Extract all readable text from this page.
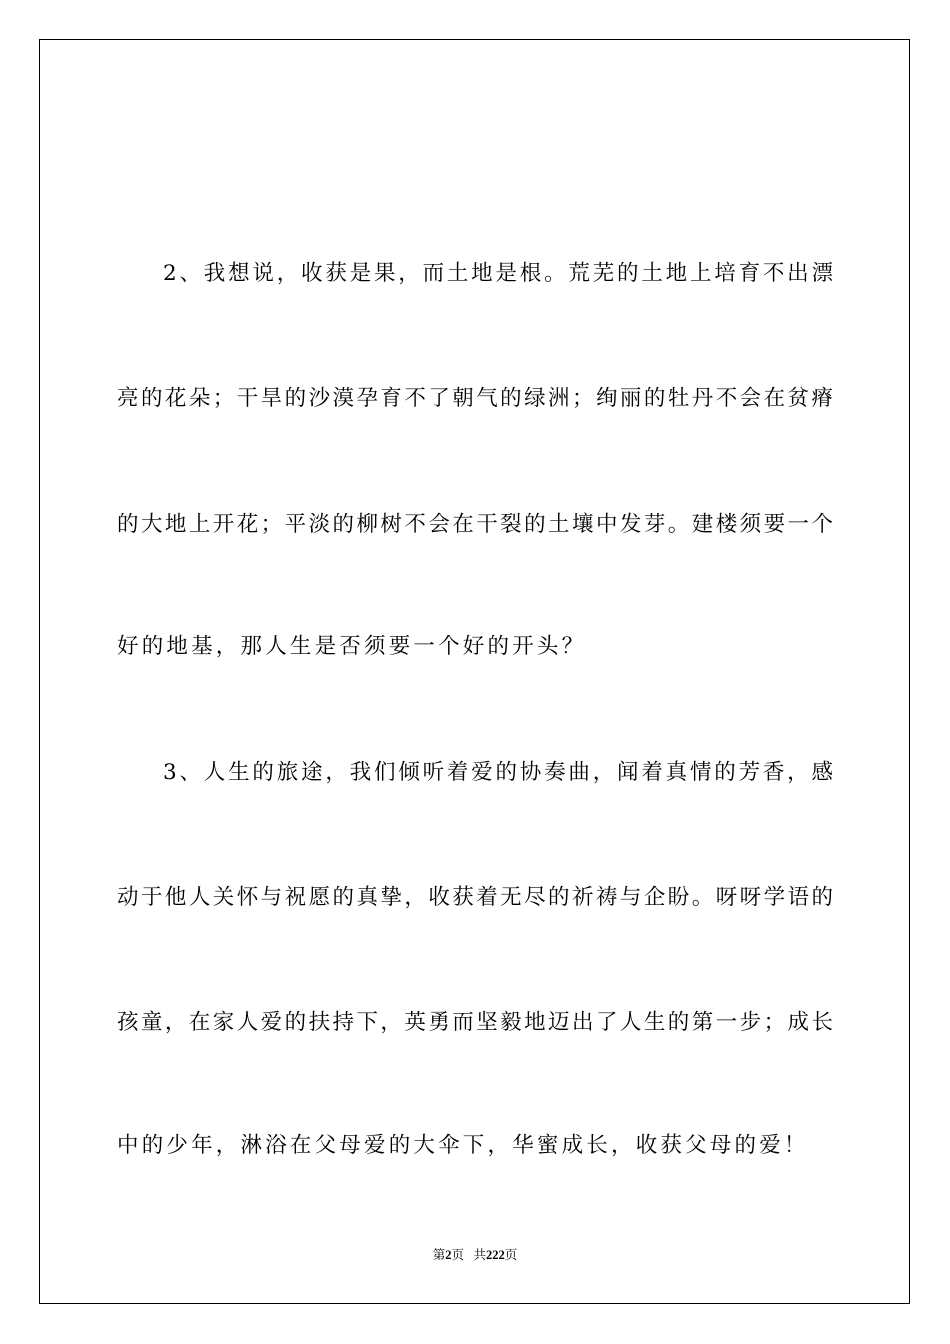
2、我想说，收获是果，而土地是根。荒芜的土地上培育不出漂
亮的花朵；干旱的沙漠孕育不了朝气的绿洲；绚丽的牡丹不会在贫瘠
的大地上开花；平淡的柳树不会在干裂的土壤中发芽。建楼须要一个
好的地基，那人生是否须要一个好的开头？
3、人生的旅途，我们倾听着爱的协奏曲，闻着真情的芳香，感
动于他人关怀与祝愿的真挚，收获着无尽的祈祷与企盼。呀呀学语的
孩童，在家人爱的扶持下，英勇而坚毅地迈出了人生的第一步；成长
中的少年，淋浴在父母爱的大伞下，华蜜成长，收获父母的爱！
第2页 共222页
